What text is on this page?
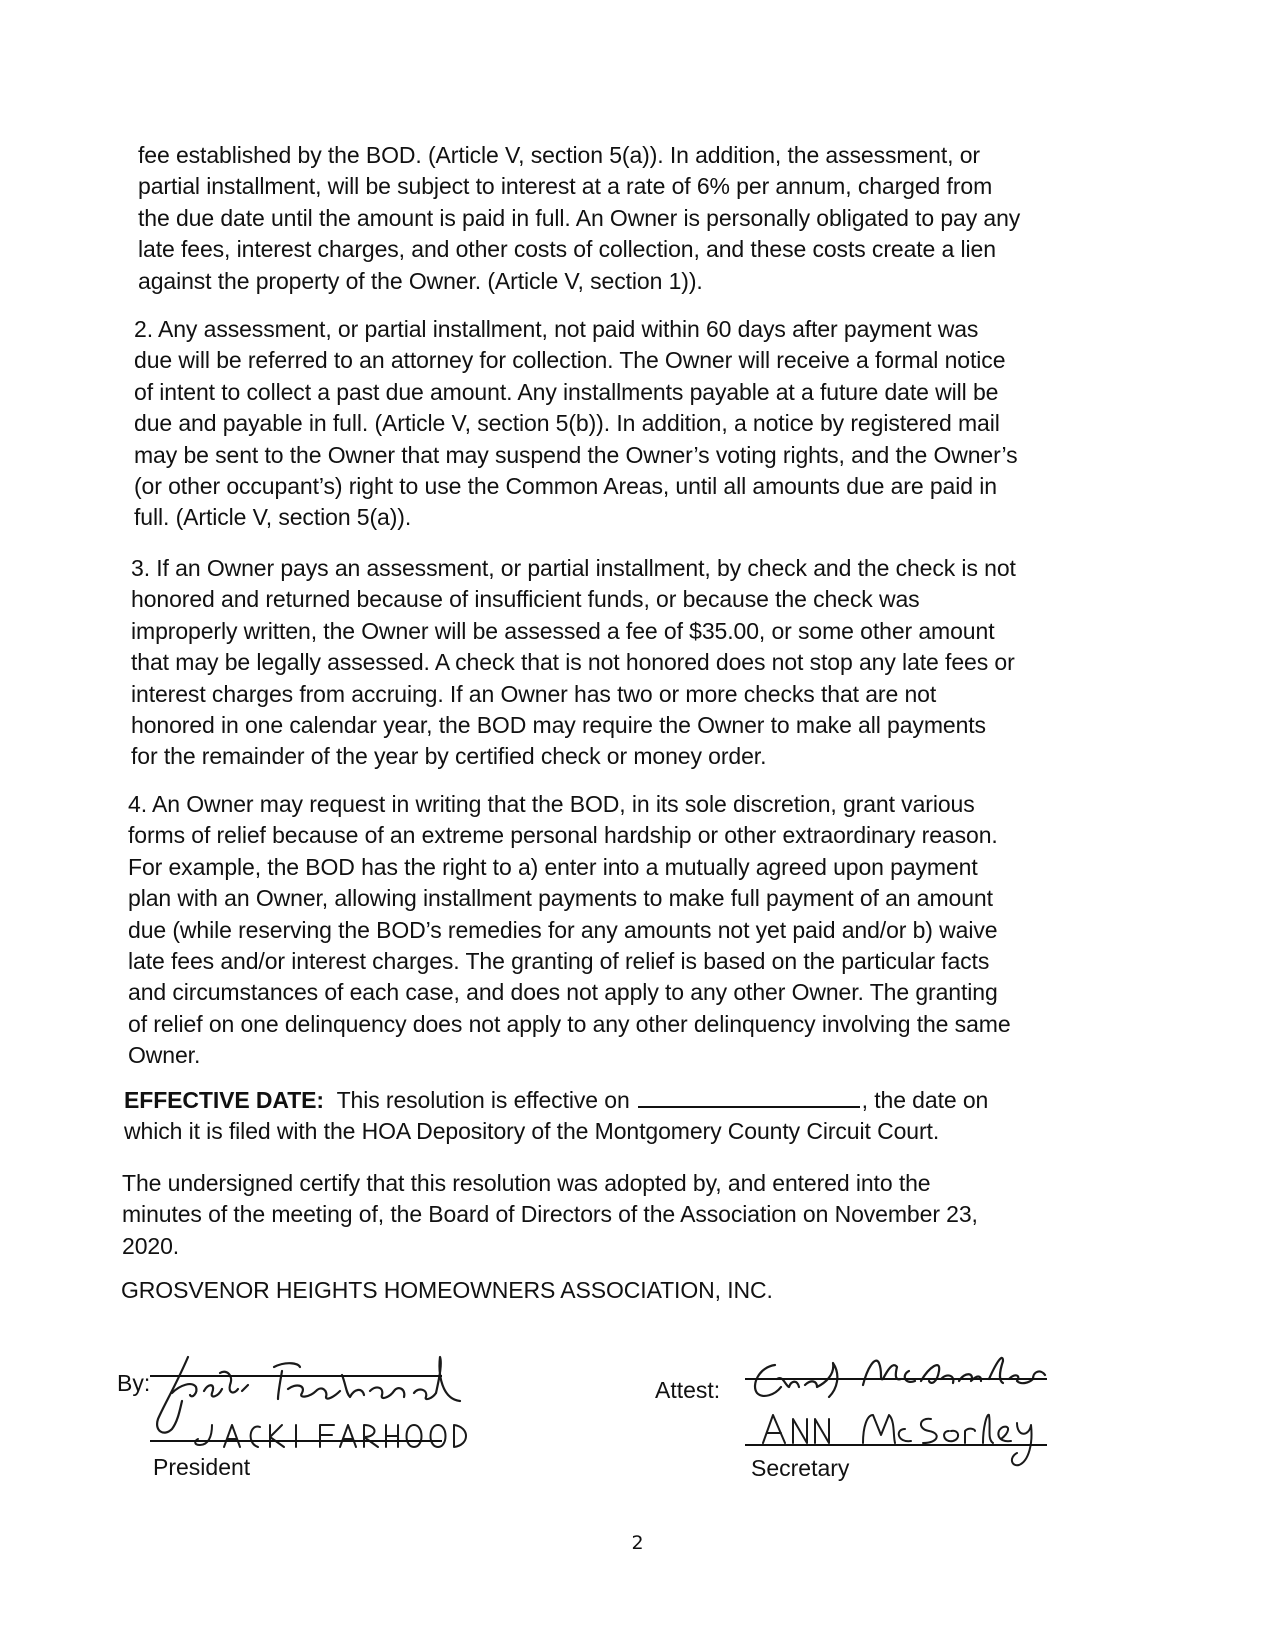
fee established by the BOD. (Article V, section 5(a)). In addition, the assessment, or
partial installment, will be subject to interest at a rate of 6% per annum, charged from
the due date until the amount is paid in full. An Owner is personally obligated to pay any
late fees, interest charges, and other costs of collection, and these costs create a lien
against the property of the Owner. (Article V, section 1)).
2. Any assessment, or partial installment, not paid within 60 days after payment was
due will be referred to an attorney for collection. The Owner will receive a formal notice
of intent to collect a past due amount. Any installments payable at a future date will be
due and payable in full. (Article V, section 5(b)). In addition, a notice by registered mail
may be sent to the Owner that may suspend the Owner’s voting rights, and the Owner’s
(or other occupant’s) right to use the Common Areas, until all amounts due are paid in
full. (Article V, section 5(a)).
3. If an Owner pays an assessment, or partial installment, by check and the check is not
honored and returned because of insufficient funds, or because the check was
improperly written, the Owner will be assessed a fee of $35.00, or some other amount
that may be legally assessed. A check that is not honored does not stop any late fees or
interest charges from accruing. If an Owner has two or more checks that are not
honored in one calendar year, the BOD may require the Owner to make all payments
for the remainder of the year by certified check or money order.
4. An Owner may request in writing that the BOD, in its sole discretion, grant various
forms of relief because of an extreme personal hardship or other extraordinary reason.
For example, the BOD has the right to a) enter into a mutually agreed upon payment
plan with an Owner, allowing installment payments to make full payment of an amount
due (while reserving the BOD’s remedies for any amounts not yet paid and/or b) waive
late fees and/or interest charges. The granting of relief is based on the particular facts
and circumstances of each case, and does not apply to any other Owner. The granting
of relief on one delinquency does not apply to any other delinquency involving the same
Owner.
EFFECTIVE DATE: This resolution is effective on	, the date on
which it is filed with the HOA Depository of the Montgomery County Circuit Court.
The undersigned certify that this resolution was adopted by, and entered into the
minutes of the meeting of, the Board of Directors of the Association on November 23,
2020.
GROSVENOR HEIGHTS HOMEOWNERS ASSOCIATION, INC.
By:
President
Attest:
Secretary
2
